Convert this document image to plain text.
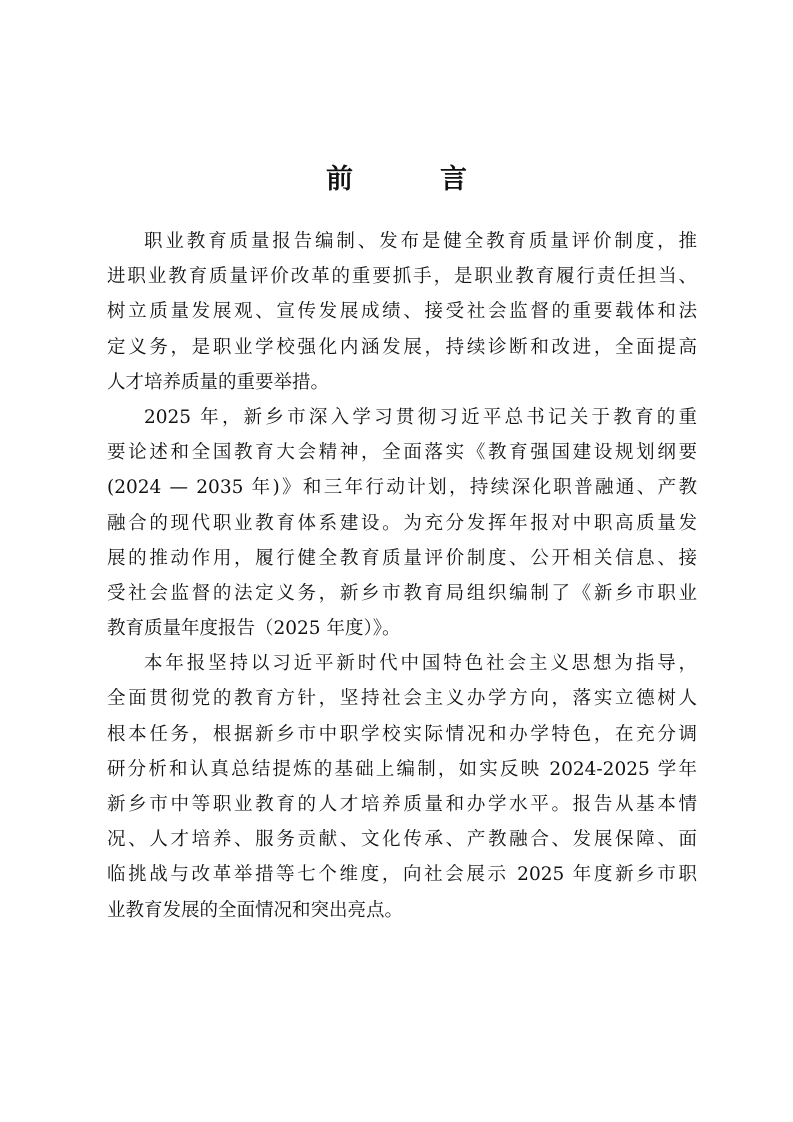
前　言

职业教育质量报告编制、发布是健全教育质量评价制度，推
进职业教育质量评价改革的重要抓手，是职业教育履行责任担当、
树立质量发展观、宣传发展成绩、接受社会监督的重要载体和法
定义务，是职业学校强化内涵发展，持续诊断和改进，全面提高
人才培养质量的重要举措。

2025 年，新乡市深入学习贯彻习近平总书记关于教育的重
要论述和全国教育大会精神，全面落实《教育强国建设规划纲要
(2024 — 2035 年)》和三年行动计划，持续深化职普融通、产教
融合的现代职业教育体系建设。为充分发挥年报对中职高质量发
展的推动作用，履行健全教育质量评价制度、公开相关信息、接
受社会监督的法定义务，新乡市教育局组织编制了《新乡市职业
教育质量年度报告（2025 年度）》。

本年报坚持以习近平新时代中国特色社会主义思想为指导，
全面贯彻党的教育方针，坚持社会主义办学方向，落实立德树人
根本任务，根据新乡市中职学校实际情况和办学特色，在充分调
研分析和认真总结提炼的基础上编制，如实反映 2024-2025 学年
新乡市中等职业教育的人才培养质量和办学水平。报告从基本情
况、人才培养、服务贡献、文化传承、产教融合、发展保障、面
临挑战与改革举措等七个维度，向社会展示 2025 年度新乡市职
业教育发展的全面情况和突出亮点。
